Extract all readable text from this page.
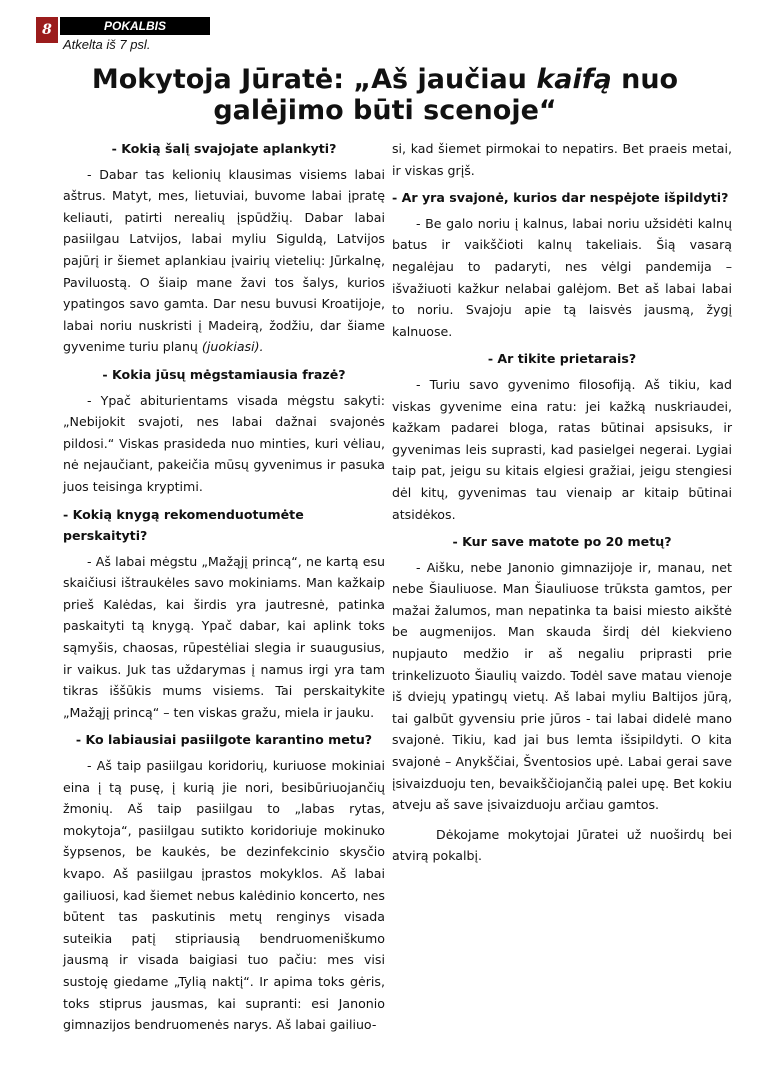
8	POKALBIS
Atkelta iš 7 psl.
Mokytoja Jūratė: „Aš jaučiau kaifą nuo galėjimo būti scenoje“

- Kokią šalį svajojate aplankyti?

- Dabar tas kelionių klausimas visiems labai aštrus. Matyt, mes, lietuviai, buvome labai įpratę keliauti, patirti nerealių įspūdžių. Dabar labai pasiilgau Latvijos, labai myliu Siguldą, Latvijos pajūrį ir šiemet aplankiau įvairių vietelių: Jūrkalnę, Paviluostą. O šiaip mane žavi tos šalys, kurios ypatingos savo gamta. Dar nesu buvusi Kroatijoje, labai noriu nuskristi į Madeirą, žodžiu, dar šiame gyvenime turiu planų (juokiasi).

- Kokia jūsų mėgstamiausia frazė?

- Ypač abiturientams visada mėgstu sakyti: „Nebijokit svajoti, nes labai dažnai svajonės pildosi.“ Viskas prasideda nuo minties, kuri vėliau, nė nejaučiant, pakeičia mūsų gyvenimus ir pasuka juos teisinga kryptimi.

- Kokią knygą rekomenduotumėte perskaityti?

- Aš labai mėgstu „Mažąjį princą“, ne kartą esu skaičiusi ištraukėles savo mokiniams. Man kažkaip prieš Kalėdas, kai širdis yra jautresnė, patinka paskaityti tą knygą. Ypač dabar, kai aplink toks sąmyšis, chaosas, rūpestėliai slegia ir suaugusius, ir vaikus. Juk tas uždarymas į namus irgi yra tam tikras iššūkis mums visiems. Tai perskaitykite „Mažąjį princą“ – ten viskas gražu, miela ir jauku.

- Ko labiausiai pasiilgote karantino metu?

- Aš taip pasiilgau koridorių, kuriuose mokiniai eina į tą pusę, į kurią jie nori, besibūriuojančių žmonių. Aš taip pasiilgau to „labas rytas, mokytoja“, pasiilgau sutikto koridoriuje mokinuko šypsenos, be kaukės, be dezinfekcinio skysčio kvapo. Aš pasiilgau įprastos mokyklos. Aš labai gailiuosi, kad šiemet nebus kalėdinio koncerto, nes būtent tas paskutinis metų renginys visada suteikia patį stipriausią bendruomeniškumo jausmą ir visada baigiasi tuo pačiu: mes visi sustoję giedame „Tylią naktį“. Ir apima toks gėris, toks stiprus jausmas, kai supranti: esi Janonio gimnazijos bendruomenės narys. Aš labai gailiuo-

si, kad šiemet pirmokai to nepatirs. Bet praeis metai, ir viskas grįš.

- Ar yra svajonė, kurios dar nespėjote išpildyti?

- Be galo noriu į kalnus, labai noriu užsidėti kalnų batus ir vaikščioti kalnų takeliais. Šią vasarą negalėjau to padaryti, nes vėlgi pandemija – išvažiuoti kažkur nelabai galėjom. Bet aš labai labai to noriu. Svajoju apie tą laisvės jausmą, žygį kalnuose.

- Ar tikite prietarais?

- Turiu savo gyvenimo filosofiją. Aš tikiu, kad viskas gyvenime eina ratu: jei kažką nuskriaudei, kažkam padarei bloga, ratas būtinai apsisuks, ir gyvenimas leis suprasti, kad pasielgei negerai. Lygiai taip pat, jeigu su kitais elgiesi gražiai, jeigu stengiesi dėl kitų, gyvenimas tau vienaip ar kitaip būtinai atsidėkos.

- Kur save matote po 20 metų?

- Aišku, nebe Janonio gimnazijoje ir, manau, net nebe Šiauliuose. Man Šiauliuose trūksta gamtos, per mažai žalumos, man nepatinka ta baisi miesto aikštė be augmenijos. Man skauda širdį dėl kiekvieno nupjauto medžio ir aš negaliu priprasti prie trinkelizuoto Šiaulių vaizdo. Todėl save matau vienoje iš dviejų ypatingų vietų. Aš labai myliu Baltijos jūrą, tai galbūt gyvensiu prie jūros - tai labai didelė mano svajonė. Tikiu, kad jai bus lemta išsipildyti. O kita svajonė – Anykščiai, Šventosios upė. Labai gerai save įsivaizduoju ten, bevaikščiojančią palei upę. Bet kokiu atveju aš save įsivaizduoju arčiau gamtos.

Dėkojame mokytojai Jūratei už nuoširdų bei atvirą pokalbį.
